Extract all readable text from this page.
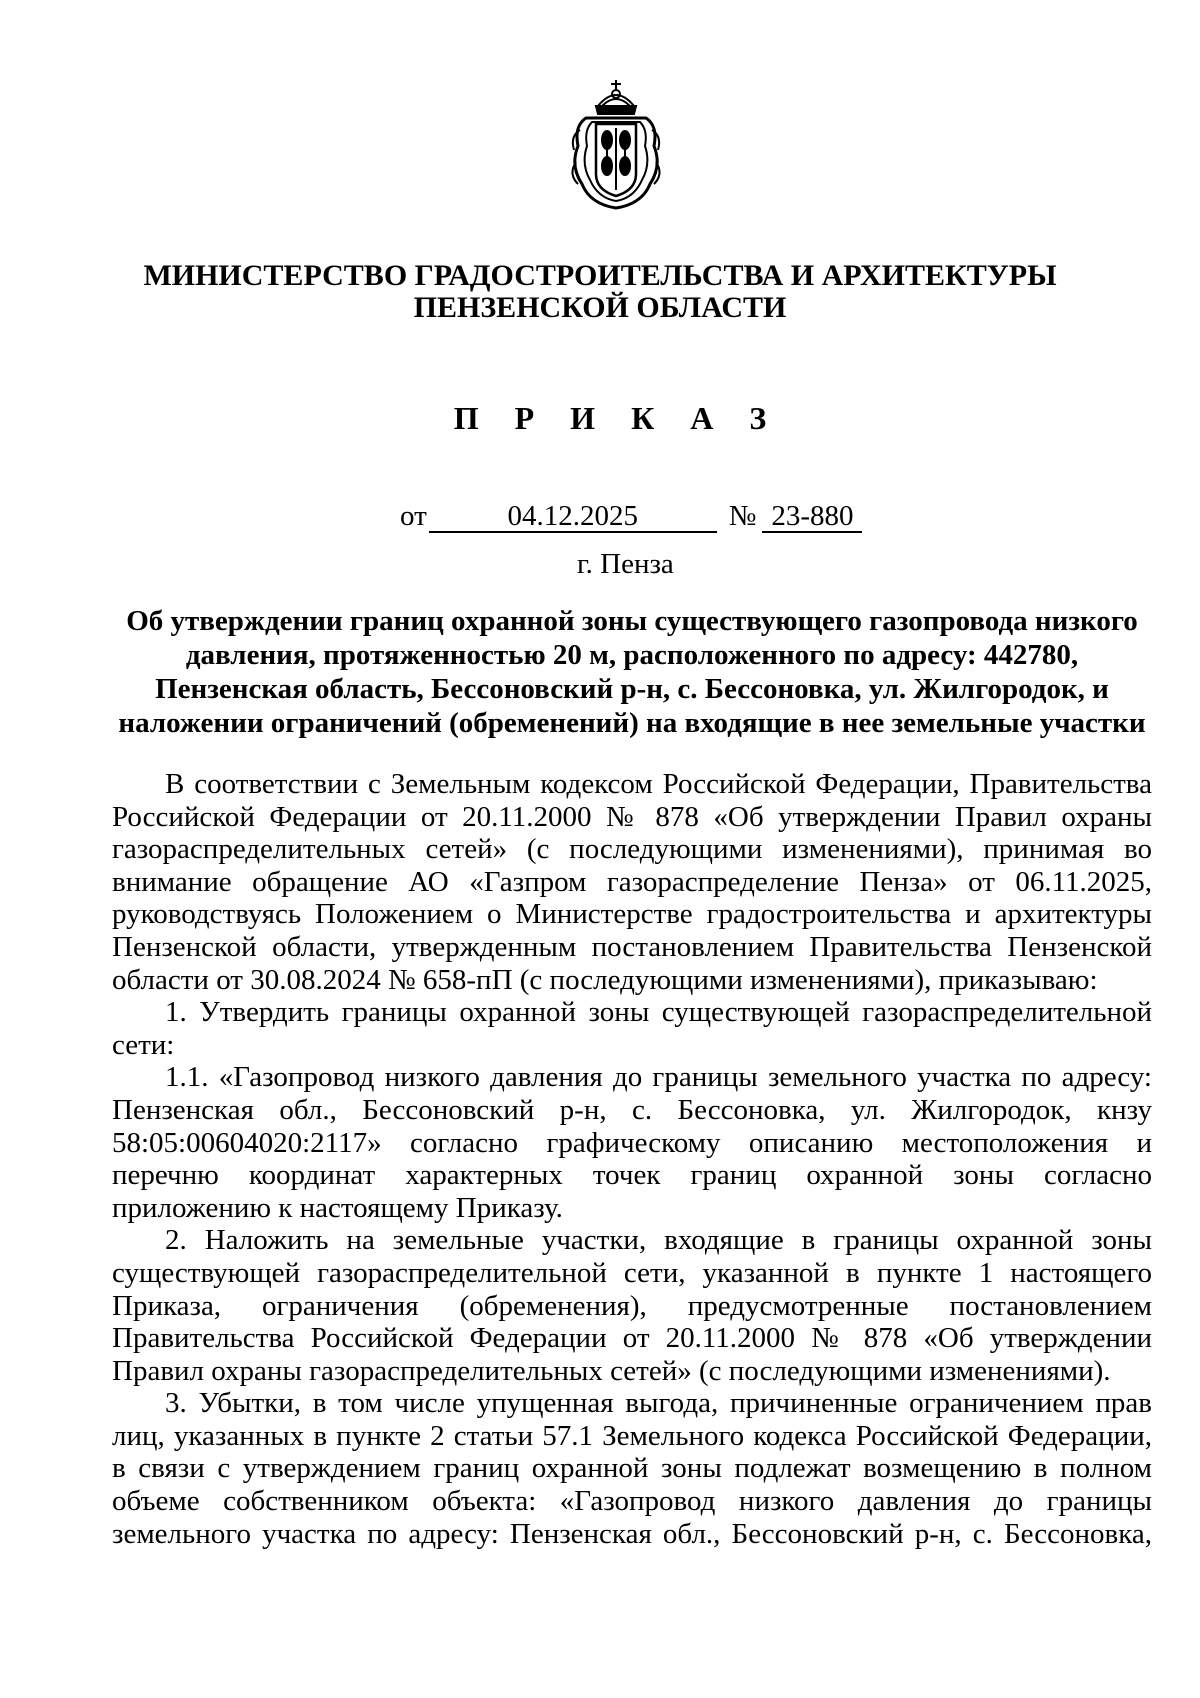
МИНИСТЕРСТВО ГРАДОСТРОИТЕЛЬСТВА И АРХИТЕКТУРЫ
ПЕНЗЕНСКОЙ ОБЛАСТИ
П Р И К А З
от	04.12.2025	№ 23-880
г. Пенза
Об утверждении границ охранной зоны существующего газопровода низкого давления, протяженностью 20 м, расположенного по адресу: 442780, Пензенская область, Бессоновский р-н, с. Бессоновка, ул. Жилгородок, и наложении ограничений (обременений) на входящие в нее земельные участки

В соответствии с Земельным кодексом Российской Федерации, Правительства Российской Федерации от 20.11.2000 № 878 «Об утверждении Правил охраны газораспределительных сетей» (с последующими изменениями), принимая во внимание обращение АО «Газпром газораспределение Пенза» от 06.11.2025, руководствуясь Положением о Министерстве градостроительства и архитектуры Пензенской области, утвержденным постановлением Правительства Пензенской области от 30.08.2024 № 658-пП (с последующими изменениями), приказываю:

1. Утвердить границы охранной зоны существующей газораспределительной сети:

1.1. «Газопровод низкого давления до границы земельного участка по адресу: Пензенская обл., Бессоновский р-н, с. Бессоновка, ул. Жилгородок, кнзу 58:05:00604020:2117» согласно графическому описанию местоположения и перечню координат характерных точек границ охранной зоны согласно приложению к настоящему Приказу.

2. Наложить на земельные участки, входящие в границы охранной зоны существующей газораспределительной сети, указанной в пункте 1 настоящего Приказа, ограничения (обременения), предусмотренные постановлением Правительства Российской Федерации от 20.11.2000 № 878 «Об утверждении Правил охраны газораспределительных сетей» (с последующими изменениями).

3. Убытки, в том числе упущенная выгода, причиненные ограничением прав лиц, указанных в пункте 2 статьи 57.1 Земельного кодекса Российской Федерации, в связи с утверждением границ охранной зоны подлежат возмещению в полном объеме собственником объекта: «Газопровод низкого давления до границы земельного участка по адресу: Пензенская обл., Бессоновский р-н, с. Бессоновка,
